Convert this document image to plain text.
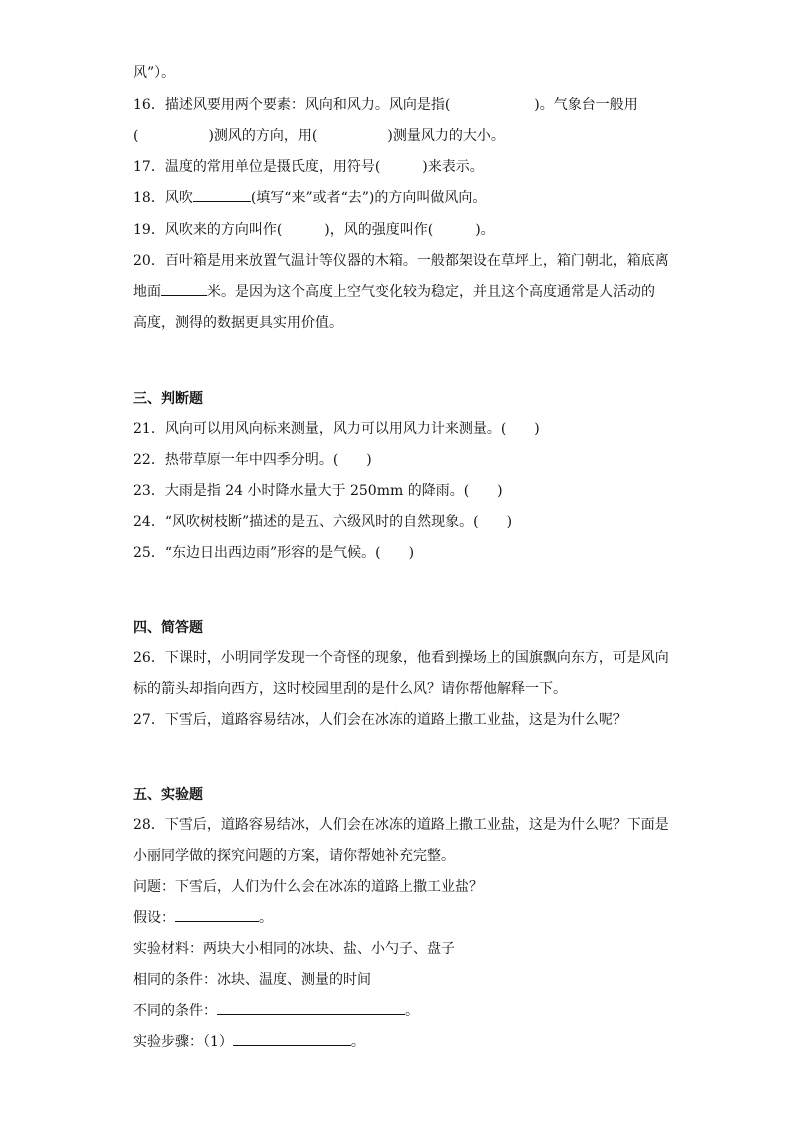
风”）。
16．描述风要用两个要素：风向和风力。风向是指(　　　　　　)。气象台一般用
(　　　　　)测风的方向，用(　　　　　)测量风力的大小。
17．温度的常用单位是摄氏度，用符号(　　　)来表示。
18．风吹	(填写“来”或者“去”)的方向叫做风向。
19．风吹来的方向叫作(　　　)，风的强度叫作(　　　)。
20．百叶箱是用来放置气温计等仪器的木箱。一般都架设在草坪上，箱门朝北，箱底离
地面	米。是因为这个高度上空气变化较为稳定，并且这个高度通常是人活动的
高度，测得的数据更具实用价值。
三、判断题
21．风向可以用风向标来测量，风力可以用风力计来测量。(　　)
22．热带草原一年中四季分明。(　　)
23．大雨是指 24 小时降水量大于 250mm 的降雨。(　　)
24．“风吹树枝断”描述的是五、六级风时的自然现象。(　　)
25．“东边日出西边雨”形容的是气候。(　　)
四、简答题
26．下课时，小明同学发现一个奇怪的现象，他看到操场上的国旗飘向东方，可是风向
标的箭头却指向西方，这时校园里刮的是什么风？请你帮他解释一下。
27．下雪后，道路容易结冰，人们会在冰冻的道路上撒工业盐，这是为什么呢？
五、实验题
28．下雪后，道路容易结冰，人们会在冰冻的道路上撒工业盐，这是为什么呢？下面是
小丽同学做的探究问题的方案，请你帮她补充完整。
问题：下雪后，人们为什么会在冰冻的道路上撒工业盐？
假设：	。
实验材料：两块大小相同的冰块、盐、小勺子、盘子
相同的条件：冰块、温度、测量的时间
不同的条件：	。
实验步骤：（1）	。
